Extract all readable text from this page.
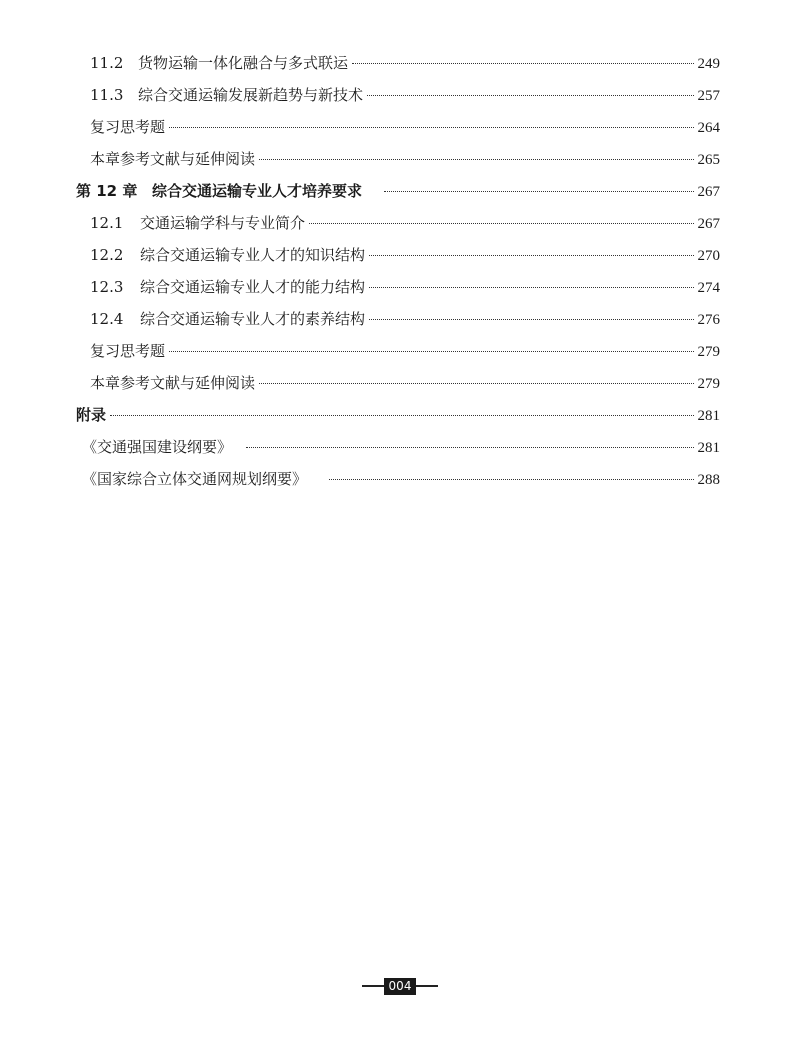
11.2 货物运输一体化融合与多式联运	249
11.3 综合交通运输发展新趋势与新技术	257
复习思考题	264
本章参考文献与延伸阅读	265
第 12 章 综合交通运输专业人才培养要求	267
12.1	交通运输学科与专业简介	267
12.2	综合交通运输专业人才的知识结构	270
12.3	综合交通运输专业人才的能力结构	274
12.4	综合交通运输专业人才的素养结构	276
复习思考题	279
本章参考文献与延伸阅读	279
附录	281
《交通强国建设纲要》	281
《国家综合立体交通网规划纲要》	288
004
